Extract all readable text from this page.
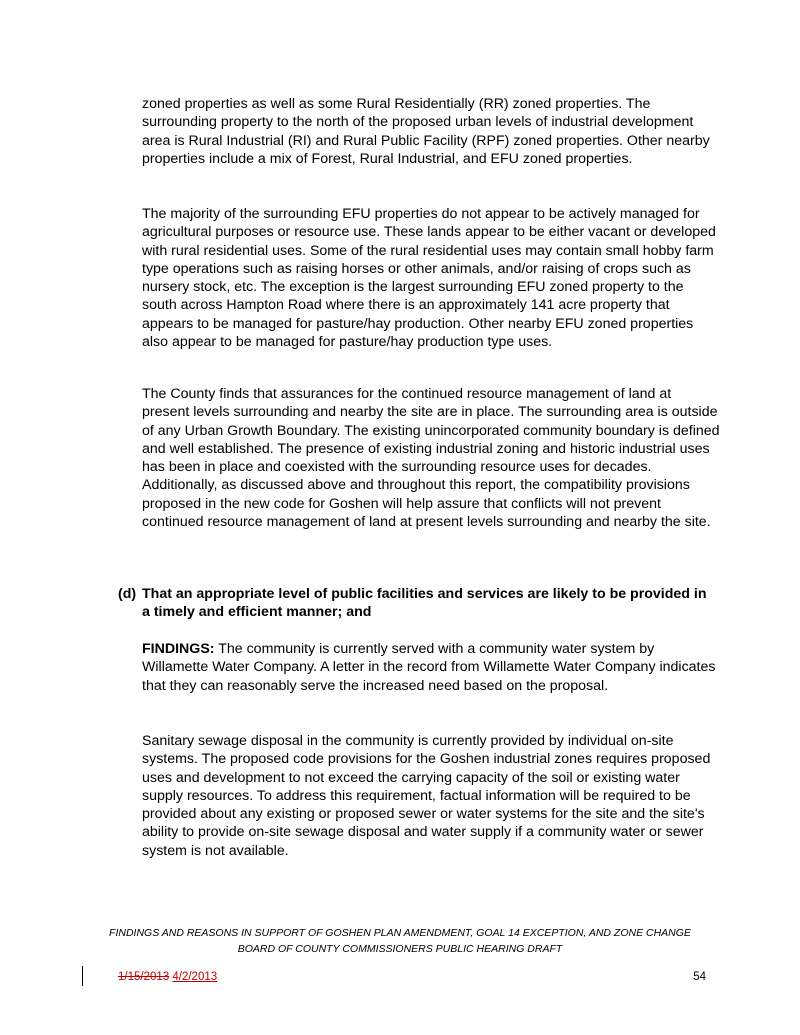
zoned properties as well as some Rural Residentially (RR) zoned properties. The surrounding property to the north of the proposed urban levels of industrial development area is Rural Industrial (RI) and Rural Public Facility (RPF) zoned properties. Other nearby properties include a mix of Forest, Rural Industrial, and EFU zoned properties.

The majority of the surrounding EFU properties do not appear to be actively managed for agricultural purposes or resource use. These lands appear to be either vacant or developed with rural residential uses. Some of the rural residential uses may contain small hobby farm type operations such as raising horses or other animals, and/or raising of crops such as nursery stock, etc. The exception is the largest surrounding EFU zoned property to the south across Hampton Road where there is an approximately 141 acre property that appears to be managed for pasture/hay production. Other nearby EFU zoned properties also appear to be managed for pasture/hay production type uses.

The County finds that assurances for the continued resource management of land at present levels surrounding and nearby the site are in place. The surrounding area is outside of any Urban Growth Boundary. The existing unincorporated community boundary is defined and well established. The presence of existing industrial zoning and historic industrial uses has been in place and coexisted with the surrounding resource uses for decades. Additionally, as discussed above and throughout this report, the compatibility provisions proposed in the new code for Goshen will help assure that conflicts will not prevent continued resource management of land at present levels surrounding and nearby the site.

(d) That an appropriate level of public facilities and services are likely to be provided in a timely and efficient manner; and

FINDINGS: The community is currently served with a community water system by Willamette Water Company. A letter in the record from Willamette Water Company indicates that they can reasonably serve the increased need based on the proposal.

Sanitary sewage disposal in the community is currently provided by individual on-site systems. The proposed code provisions for the Goshen industrial zones requires proposed uses and development to not exceed the carrying capacity of the soil or existing water supply resources. To address this requirement, factual information will be required to be provided about any existing or proposed sewer or water systems for the site and the site's ability to provide on-site sewage disposal and water supply if a community water or sewer system is not available.

FINDINGS AND REASONS IN SUPPORT OF GOSHEN PLAN AMENDMENT, GOAL 14 EXCEPTION, AND ZONE CHANGE
BOARD OF COUNTY COMMISSIONERS PUBLIC HEARING DRAFT
1/15/2013 4/2/2013	54
